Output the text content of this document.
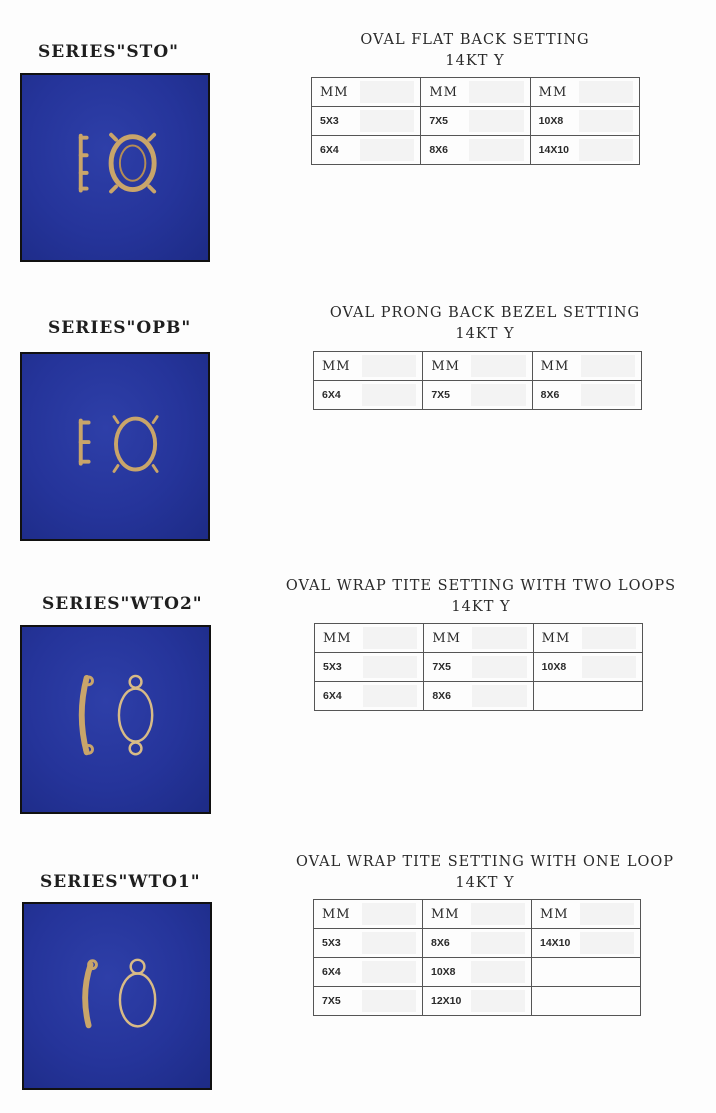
SERIES"STO"
OVAL FLAT BACK SETTING
14KT Y
MM	MM	MM

5X3	7X5	10X8

6X4	8X6	14X10
SERIES"OPB"
OVAL PRONG BACK BEZEL SETTING
14KT Y
MM	MM	MM

6X4	7X5	8X6
SERIES"WTO2"
OVAL WRAP TITE SETTING WITH TWO LOOPS
14KT Y
MM	MM	MM

5X3	7X5	10X8

6X4	8X6	
SERIES"WTO1"
OVAL WRAP TITE SETTING WITH ONE LOOP
14KT Y
MM	MM	MM

5X3	8X6	14X10

6X4	10X8	

7X5	12X10	
